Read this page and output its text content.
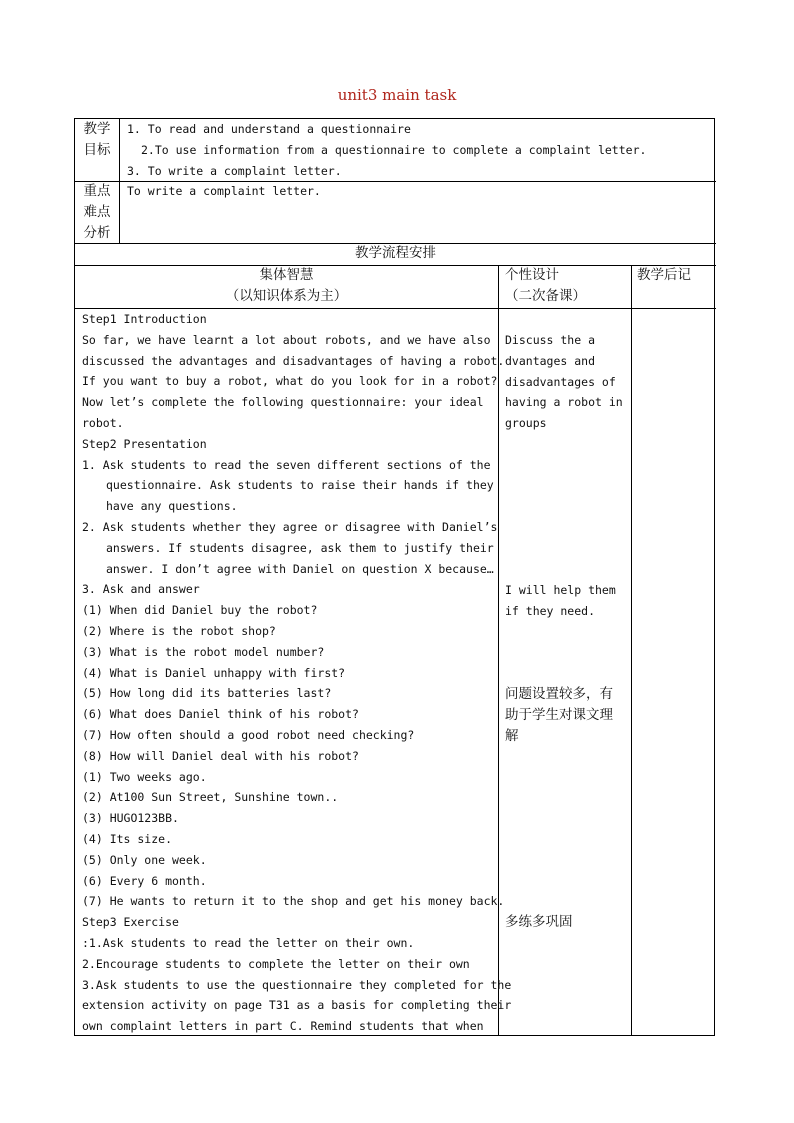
unit3 main task
教学
目标
1. To read and understand a questionnaire
2.To use information from a questionnaire to complete a complaint letter.
3. To write a complaint letter.
重点
难点
分析
To write a complaint letter.
教学流程安排
集体智慧
（以知识体系为主）
个性设计
（二次备课）
教学后记
Step1 Introduction
So far, we have learnt a lot about robots, and we have also
discussed the advantages and disadvantages of having a robot.
If you want to buy a robot, what do you look for in a robot?
Now let’s complete the following questionnaire: your ideal
robot.
Step2 Presentation
1. Ask students to read the seven different sections of the
questionnaire. Ask students to raise their hands if they
have any questions.
2. Ask students whether they agree or disagree with Daniel’s
answers. If students disagree, ask them to justify their
answer. I don’t agree with Daniel on question X because…
3. Ask and answer
(1) When did Daniel buy the robot?
(2) Where is the robot shop?
(3) What is the robot model number?
(4) What is Daniel unhappy with first?
(5) How long did its batteries last?
(6) What does Daniel think of his robot?
(7) How often should a good robot need checking?
(8) How will Daniel deal with his robot?
(1) Two weeks ago.
(2) At100 Sun Street, Sunshine town..
(3) HUGO123BB.
(4) Its size.
(5) Only one week.
(6) Every 6 month.
(7) He wants to return it to the shop and get his money back.
Step3 Exercise
:1.Ask students to read the letter on their own.
2.Encourage students to complete the letter on their own
3.Ask students to use the questionnaire they completed for the
extension activity on page T31 as a basis for completing their
own complaint letters in part C. Remind students that when
Discuss the a
dvantages and
disadvantages of
having a robot in
groups
I will help them
if they need.
问题设置较多，有
助于学生对课文理
解
多练多巩固
